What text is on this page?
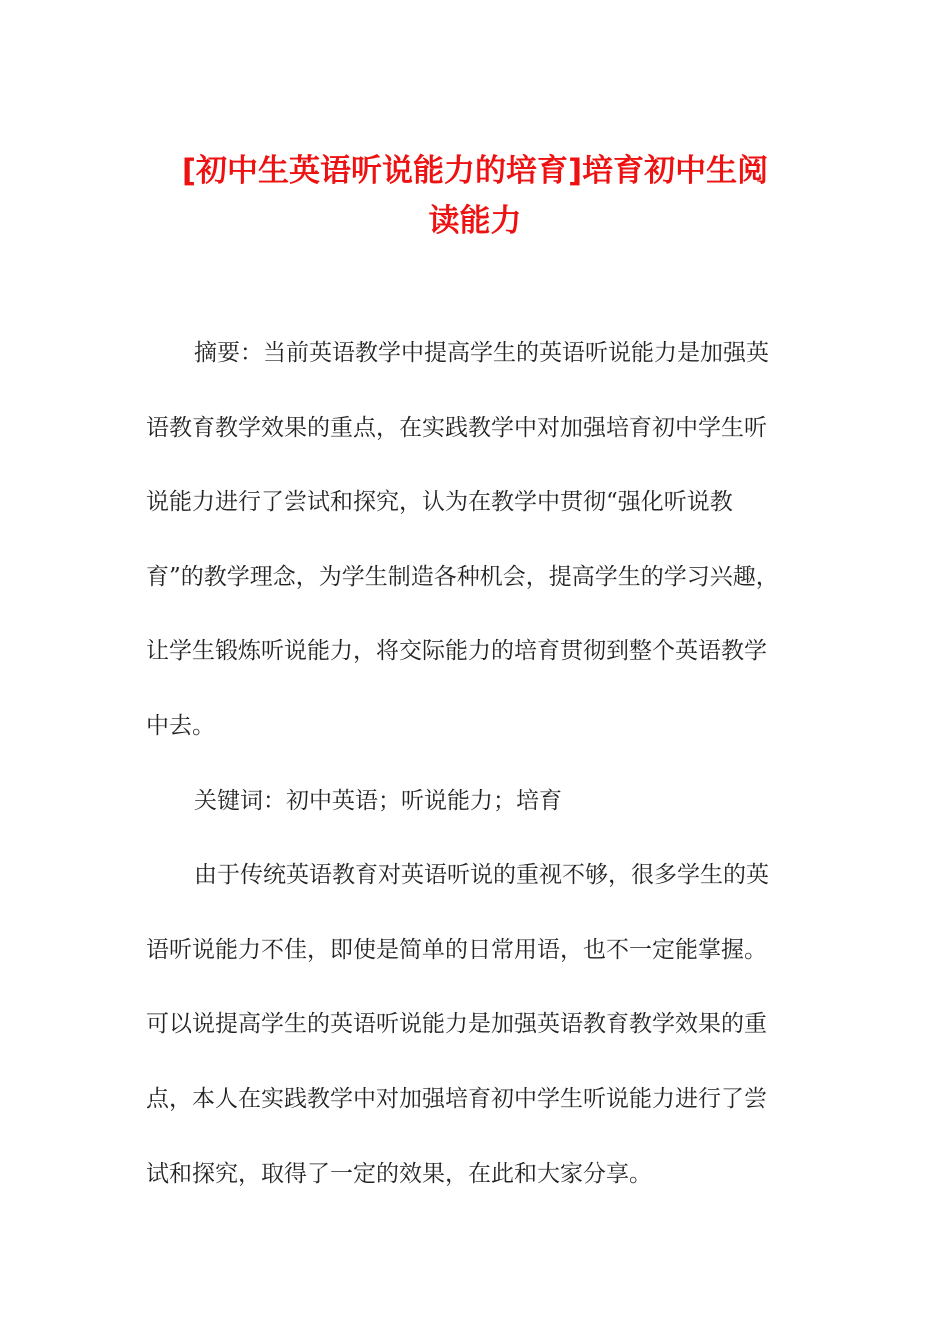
[初中生英语听说能力的培育]培育初中生阅
读能力

摘要：当前英语教学中提高学生的英语听说能力是加强英
语教育教学效果的重点，在实践教学中对加强培育初中学生听
说能力进行了尝试和探究，认为在教学中贯彻“强化听说教
育”的教学理念，为学生制造各种机会，提高学生的学习兴趣，
让学生锻炼听说能力，将交际能力的培育贯彻到整个英语教学
中去。

关键词：初中英语；听说能力；培育

由于传统英语教育对英语听说的重视不够，很多学生的英
语听说能力不佳，即使是简单的日常用语，也不一定能掌握。
可以说提高学生的英语听说能力是加强英语教育教学效果的重
点，本人在实践教学中对加强培育初中学生听说能力进行了尝
试和探究，取得了一定的效果，在此和大家分享。
